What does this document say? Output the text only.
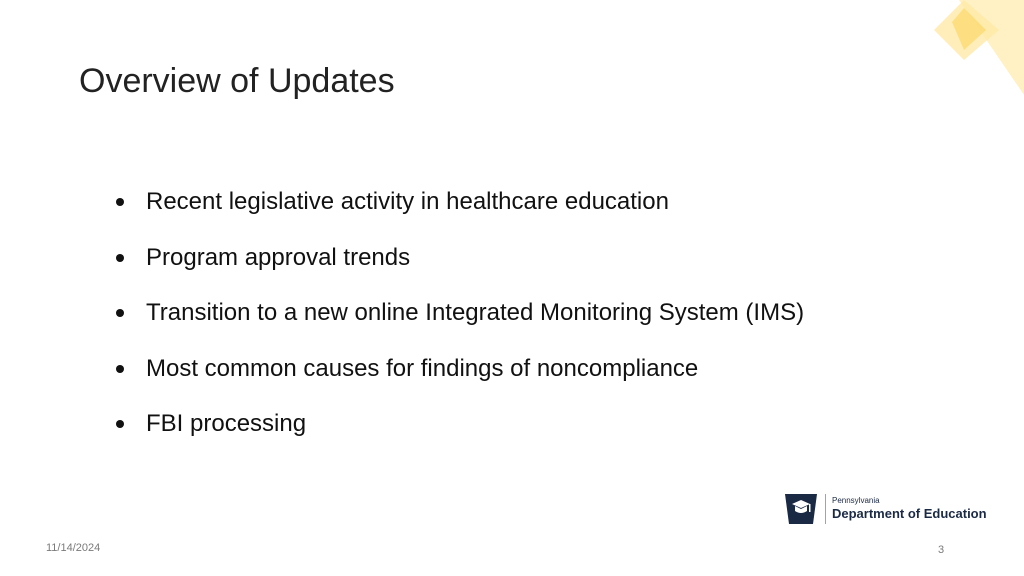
Overview of Updates
Recent legislative activity in healthcare education
Program approval trends
Transition to a new online Integrated Monitoring System (IMS)
Most common causes for findings of noncompliance
FBI processing
Pennsylvania
Department of Education
11/14/2024	3
